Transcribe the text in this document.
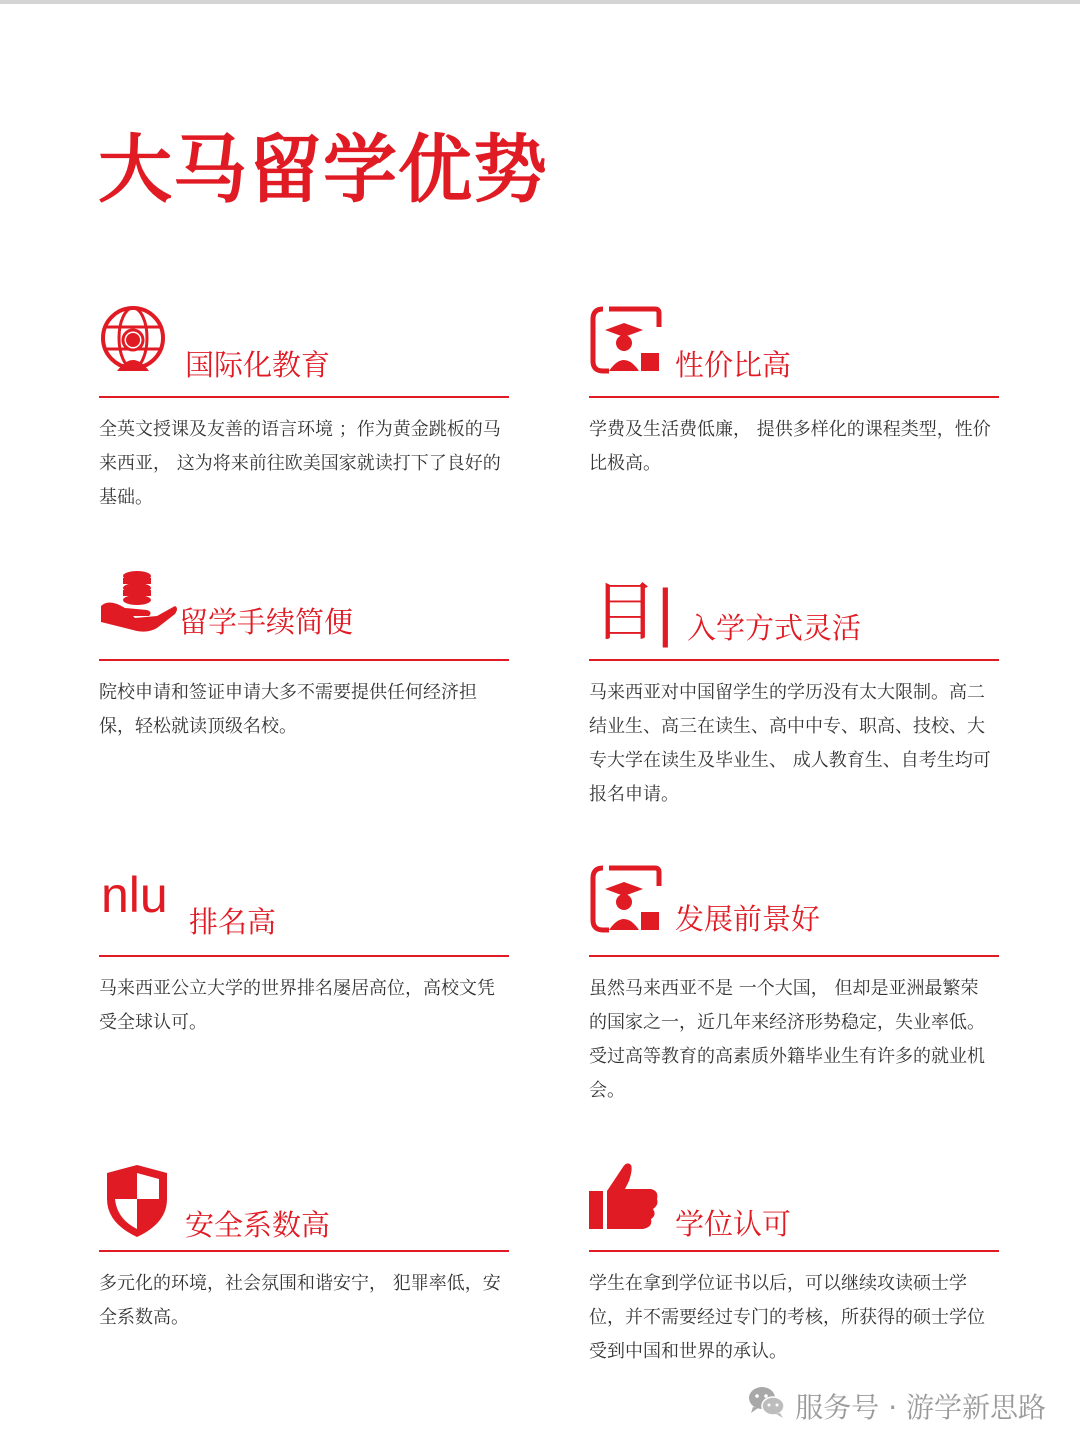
大马留学优势
国际化教育

全英文授课及友善的语言环境 ；作为黄金跳板的马来西亚， 这为将来前往欧美国家就读打下了良好的基础。

性价比高

学费及生活费低廉， 提供多样化的课程类型，性价比极高。

留学手续简便

院校申请和签证申请大多不需要提供任何经济担保，轻松就读顶级名校。

目| 入学方式灵活

马来西亚对中国留学生的学历没有太大限制。高二结业生、高三在读生、高中中专、职高、技校、大专大学在读生及毕业生、 成人教育生、自考生均可报名申请。

nlu 排名高

马来西亚公立大学的世界排名屡居高位，高校文凭受全球认可。

发展前景好

虽然马来西亚不是 一个大国， 但却是亚洲最繁荣 的国家之一，近几年来经济形势稳定，失业率低。受过高等教育的高素质外籍毕业生有许多的就业机会。

安全系数高

多元化的环境，社会氛围和谐安宁， 犯罪率低，安全系数高。

学位认可

学生在拿到学位证书以后，可以继续攻读硕士学位，并不需要经过专门的考核，所获得的硕士学位受到中国和世界的承认。

服务号 · 游学新思路
